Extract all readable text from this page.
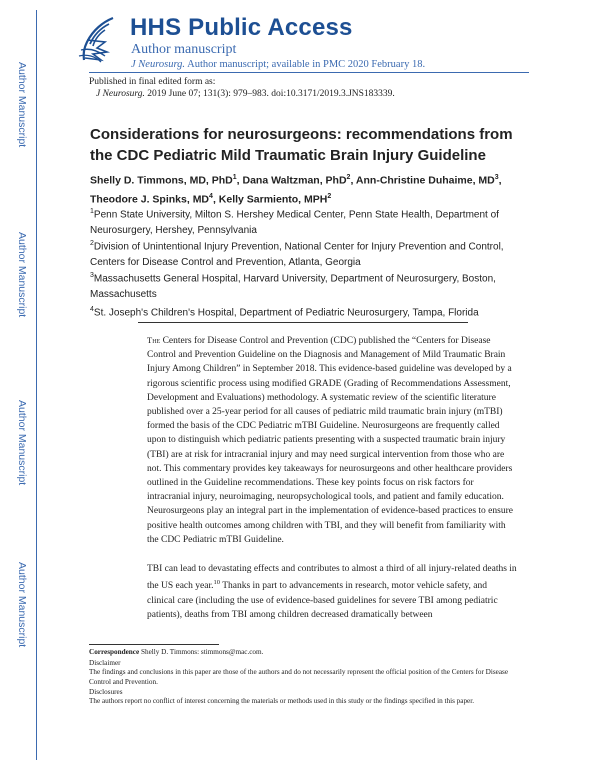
Author Manuscript
Author Manuscript
Author Manuscript
Author Manuscript
HHS Public Access
Author manuscript
J Neurosurg. Author manuscript; available in PMC 2020 February 18.
Published in final edited form as:
J Neurosurg. 2019 June 07; 131(3): 979–983. doi:10.3171/2019.3.JNS183339.
Considerations for neurosurgeons: recommendations from the CDC Pediatric Mild Traumatic Brain Injury Guideline
Shelly D. Timmons, MD, PhD$^1$, Dana Waltzman, PhD$^2$, Ann-Christine Duhaime, $MD^3$, Theodore J. Spinks, $MD^4$, Kelly Sarmiento, MPH$^2$
$^1$Penn State University, Milton S. Hershey Medical Center, Penn State Health, Department of Neurosurgery, Hershey, Pennsylvania
$^2$Division of Unintentional Injury Prevention, National Center for Injury Prevention and Control, Centers for Disease Control and Prevention, Atlanta, Georgia
$^3$Massachusetts General Hospital, Harvard University, Department of Neurosurgery, Boston, Massachusetts
$^4$St. Joseph's Children's Hospital, Department of Pediatric Neurosurgery, Tampa, Florida
The Centers for Disease Control and Prevention (CDC) published the “Centers for Disease Control and Prevention Guideline on the Diagnosis and Management of Mild Traumatic Brain Injury Among Children” in September 2018. This evidence-based guideline was developed by a rigorous scientific process using modified GRADE (Grading of Recommendations Assessment, Development and Evaluations) methodology. A systematic review of the scientific literature published over a 25-year period for all causes of pediatric mild traumatic brain injury (mTBI) formed the basis of the CDC Pediatric mTBI Guideline. Neurosurgeons are frequently called upon to distinguish which pediatric patients presenting with a suspected traumatic brain injury (TBI) are at risk for intracranial injury and may need surgical intervention from those who are not. This commentary provides key takeaways for neurosurgeons and other healthcare providers outlined in the Guideline recommendations. These key points focus on risk factors for intracranial injury, neuroimaging, neuropsychological tools, and patient and family education. Neurosurgeons play an integral part in the implementation of evidence-based practices to ensure positive health outcomes among children with TBI, and they will benefit from familiarity with the CDC Pediatric mTBI Guideline.
TBI can lead to devastating effects and contributes to almost a third of all injury-related deaths in the US each year.$^{10}$ Thanks in part to advancements in research, motor vehicle safety, and clinical care (including the use of evidence-based guidelines for severe TBI among pediatric patients), deaths from TBI among children decreased dramatically between
Correspondence Shelly D. Timmons: stimmons@mac.com.
Disclaimer
The findings and conclusions in this paper are those of the authors and do not necessarily represent the official position of the Centers for Disease Control and Prevention.
Disclosures
The authors report no conflict of interest concerning the materials or methods used in this study or the findings specified in this paper.
